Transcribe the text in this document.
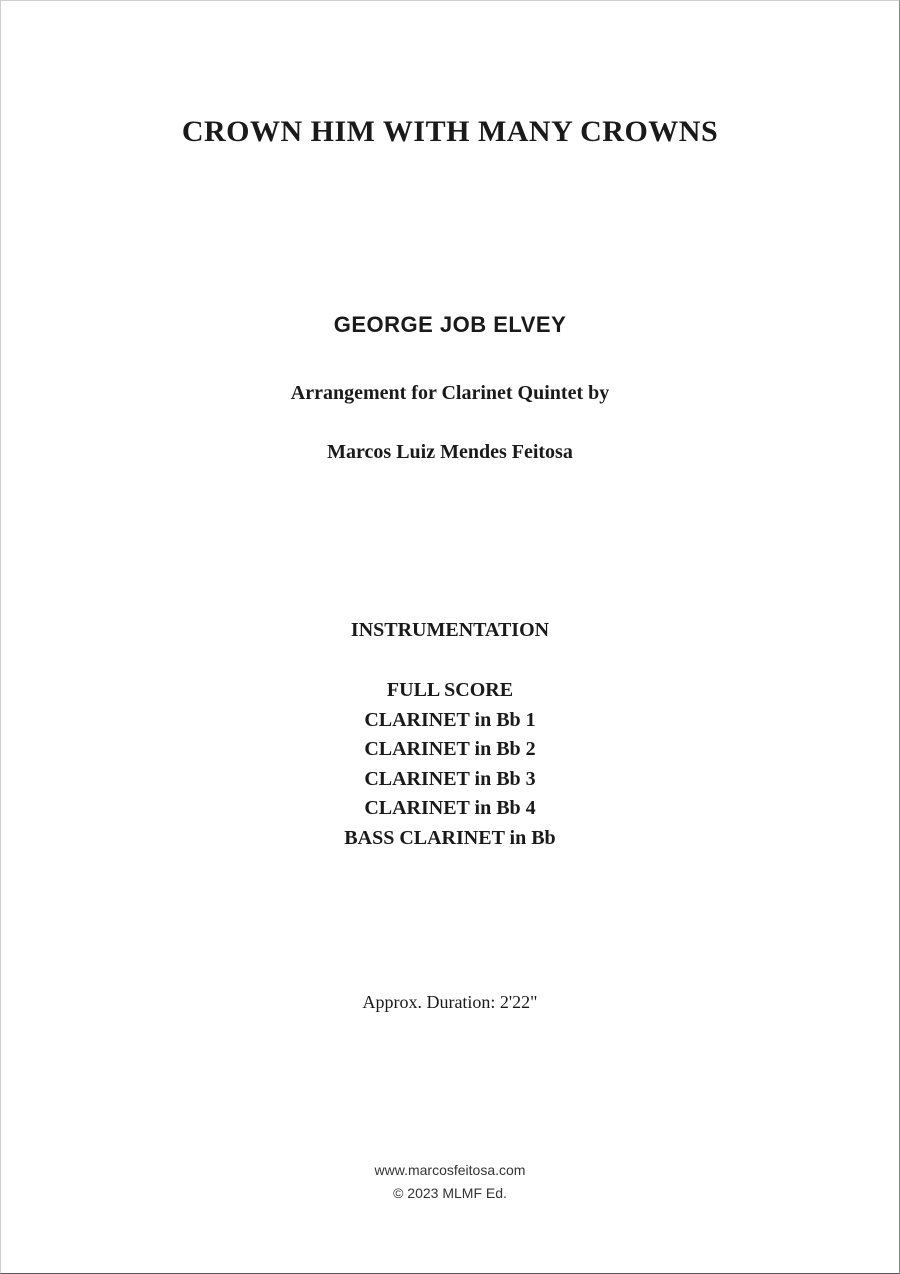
CROWN HIM WITH MANY CROWNS
GEORGE JOB ELVEY
Arrangement for Clarinet Quintet by
Marcos Luiz Mendes Feitosa
INSTRUMENTATION
FULL SCORE
CLARINET in Bb 1
CLARINET in Bb 2
CLARINET in Bb 3
CLARINET in Bb 4
BASS CLARINET in Bb
Approx. Duration: 2'22"
www.marcosfeitosa.com
© 2023 MLMF Ed.
